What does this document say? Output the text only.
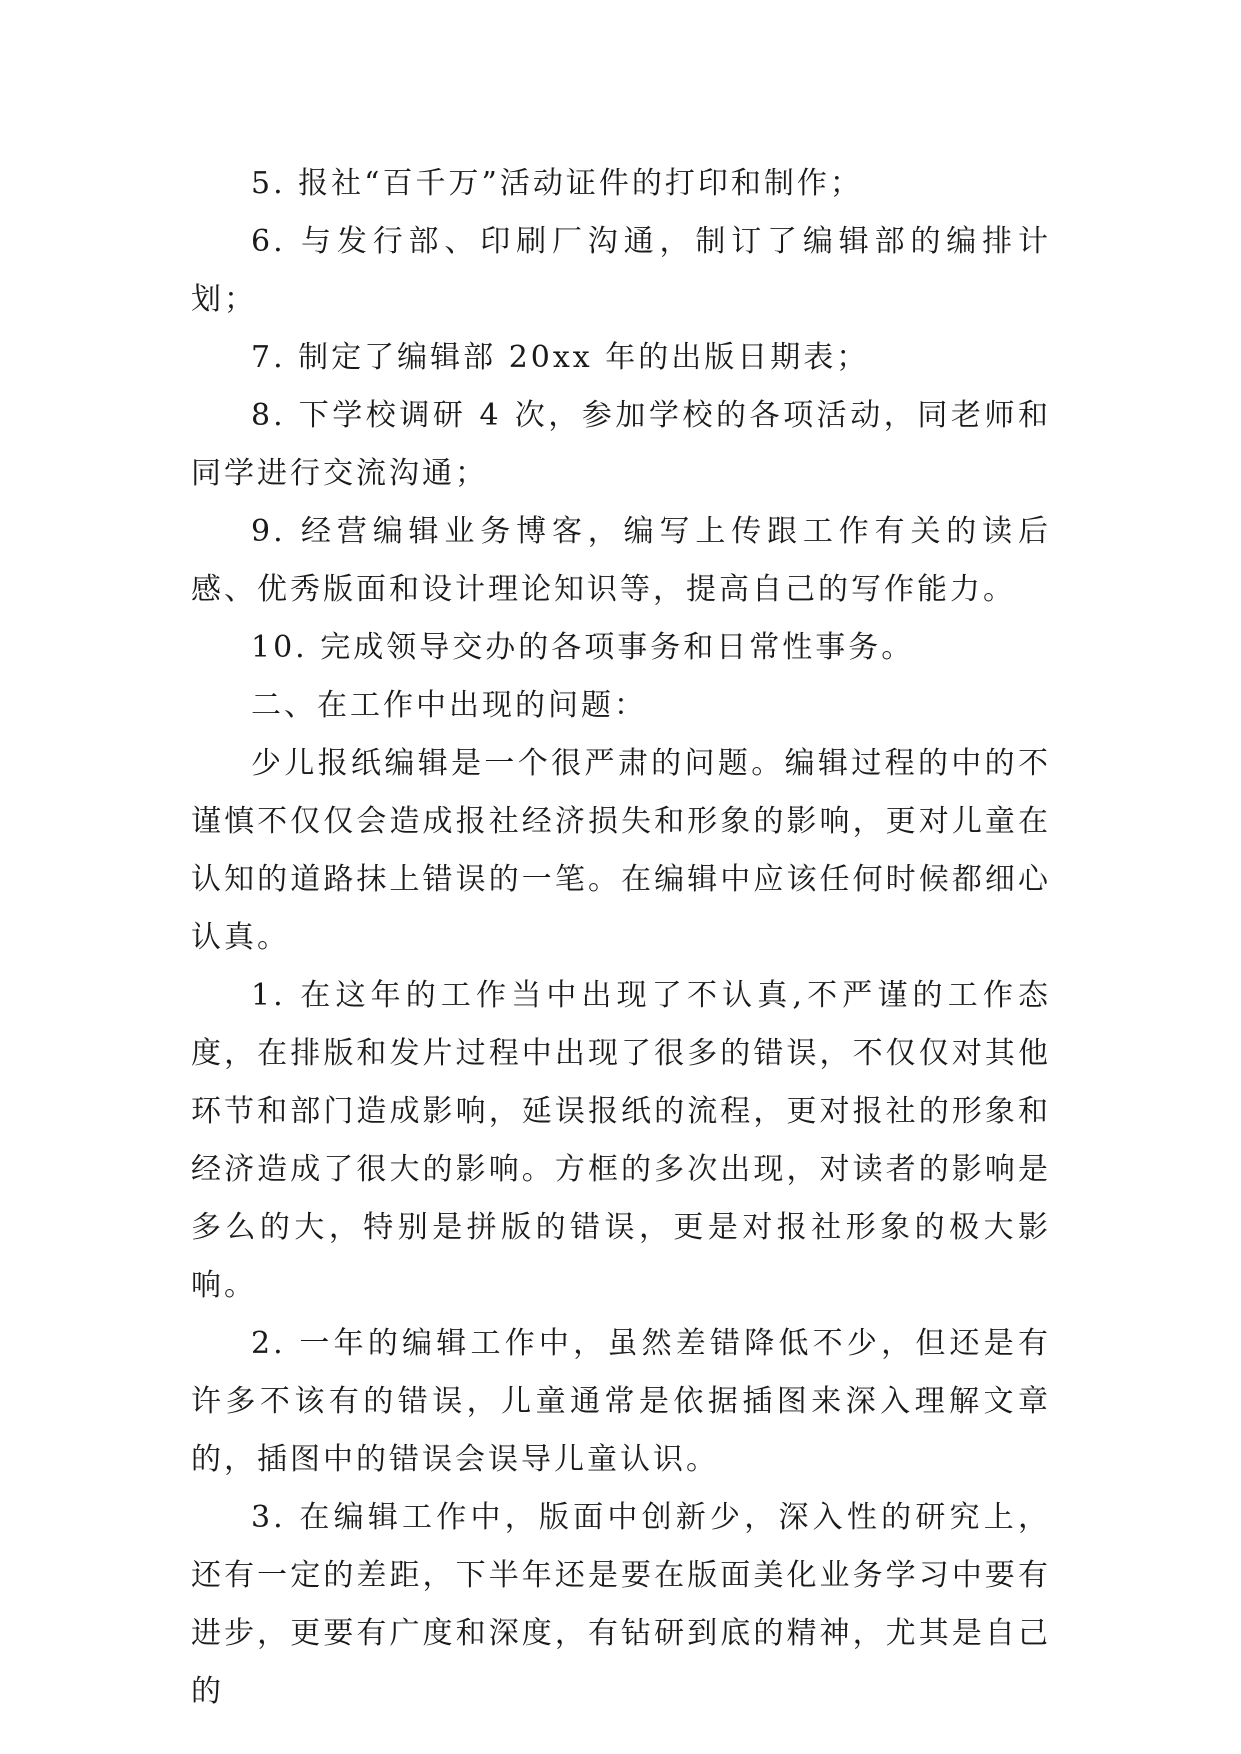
5. 报社“百千万”活动证件的打印和制作；

6. 与发行部、印刷厂沟通，制订了编辑部的编排计划；

7. 制定了编辑部 20xx 年的出版日期表；

8. 下学校调研 4 次，参加学校的各项活动，同老师和同学进行交流沟通；

9. 经营编辑业务博客，编写上传跟工作有关的读后感、优秀版面和设计理论知识等，提高自己的写作能力。

10. 完成领导交办的各项事务和日常性事务。

二、在工作中出现的问题：

少儿报纸编辑是一个很严肃的问题。编辑过程的中的不谨慎不仅仅会造成报社经济损失和形象的影响，更对儿童在认知的道路抹上错误的一笔。在编辑中应该任何时候都细心认真。

1. 在这年的工作当中出现了不认真,不严谨的工作态度，在排版和发片过程中出现了很多的错误，不仅仅对其他环节和部门造成影响，延误报纸的流程，更对报社的形象和经济造成了很大的影响。方框的多次出现，对读者的影响是多么的大，特别是拼版的错误，更是对报社形象的极大影响。

2. 一年的编辑工作中，虽然差错降低不少，但还是有许多不该有的错误，儿童通常是依据插图来深入理解文章的，插图中的错误会误导儿童认识。

3. 在编辑工作中，版面中创新少，深入性的研究上，还有一定的差距，下半年还是要在版面美化业务学习中要有进步，更要有广度和深度，有钻研到底的精神，尤其是自己的
